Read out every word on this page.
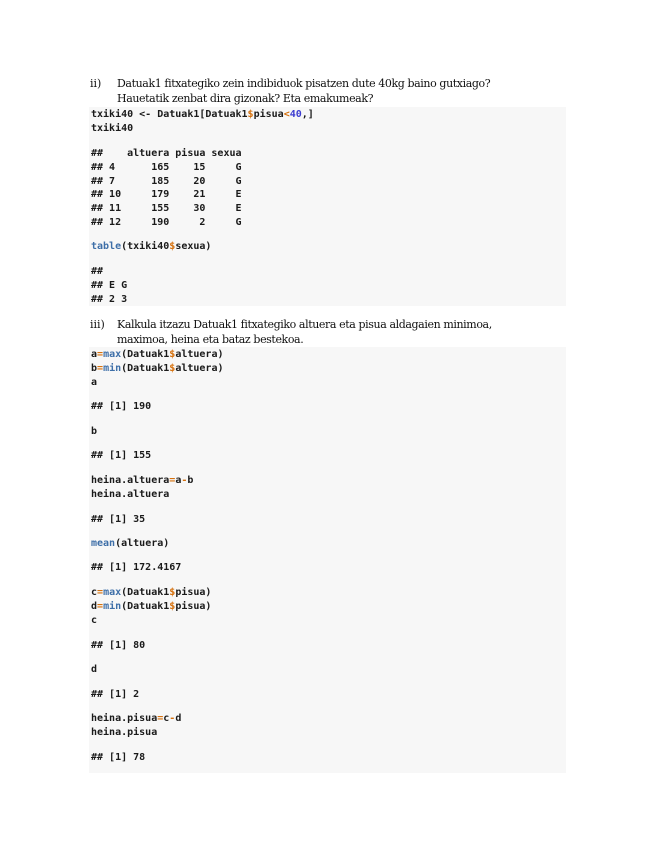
ii) Datuak1 fitxategiko zein indibiduok pisatzen dute 40kg baino gutxiago?
Hauetatik zenbat dira gizonak? Eta emakumeak?
txiki40 <- Datuak1[Datuak1$pisua<40,]
txiki40
##    altuera pisua sexua
## 4      165    15     G
## 7      185    20     G
## 10     179    21     E
## 11     155    30     E
## 12     190     2     G
table(txiki40$sexua)
##
## E G
## 2 3
iii) Kalkula itzazu Datuak1 fitxategiko altuera eta pisua aldagaien minimoa,
maximoa, heina eta bataz bestekoa.
a=max(Datuak1$altuera)
b=min(Datuak1$altuera)
a
## [1] 190
b
## [1] 155
heina.altuera=a-b
heina.altuera
## [1] 35
mean(altuera)
## [1] 172.4167
c=max(Datuak1$pisua)
d=min(Datuak1$pisua)
c
## [1] 80
d
## [1] 2
heina.pisua=c-d
heina.pisua
## [1] 78
